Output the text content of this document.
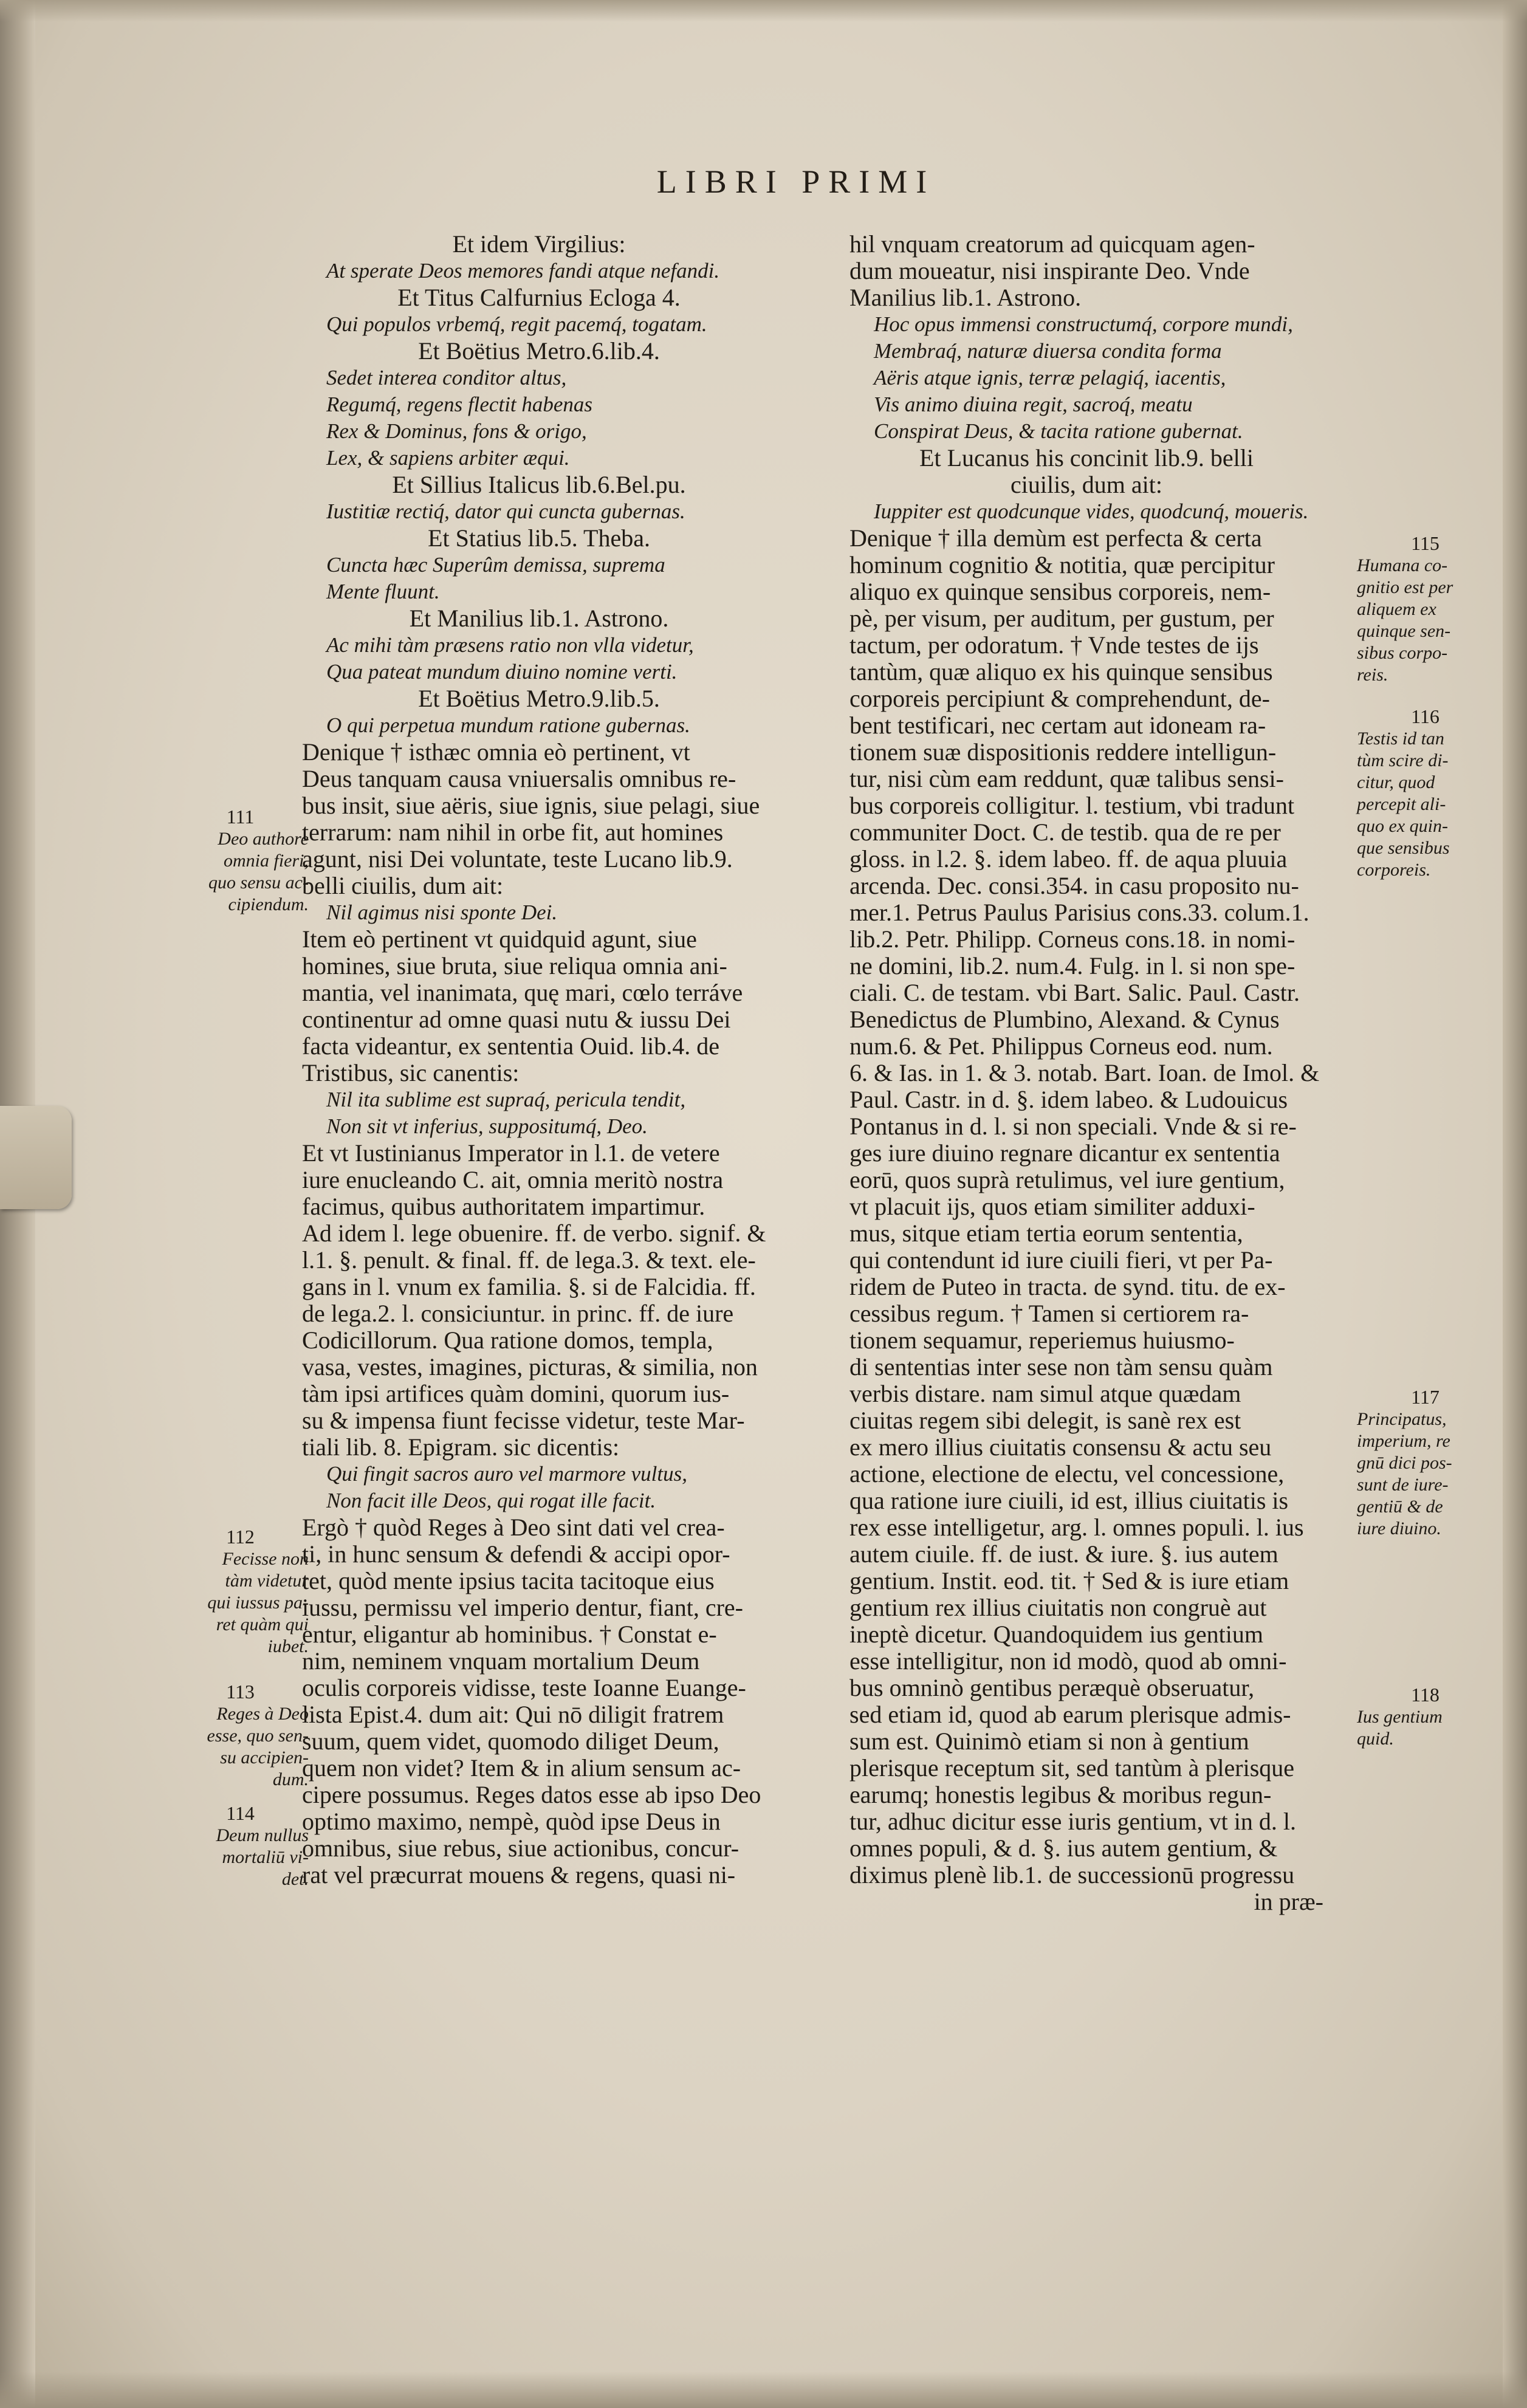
LIBRI PRIMI
Et idem Virgilius:
At sperate Deos memores fandi atque nefandi.
Et Titus Calfurnius Ecloga 4.
Qui populos vrbemq́, regit pacemq́, togatam.
Et Boëtius Metro.6.lib.4.
Sedet interea conditor altus,
Regumq́, regens flectit habenas
Rex & Dominus, fons & origo,
Lex, & sapiens arbiter æqui.
Et Sillius Italicus lib.6.Bel.pu.
Iustitiæ rectiq́, dator qui cuncta gubernas.
Et Statius lib.5. Theba.
Cuncta hæc Superûm demissa, suprema
Mente fluunt.
Et Manilius lib.1. Astrono.
Ac mihi tàm præsens ratio non vlla videtur,
Qua pateat mundum diuino nomine verti.
Et Boëtius Metro.9.lib.5.
O qui perpetua mundum ratione gubernas.
Denique † isthæc omnia eò pertinent, vt
Deus tanquam causa vniuersalis omnibus re-
bus insit, siue aëris, siue ignis, siue pelagi, siue
terrarum: nam nihil in orbe fit, aut homines
agunt, nisi Dei voluntate, teste Lucano lib.9.
belli ciuilis, dum ait:
Nil agimus nisi sponte Dei.
Item eò pertinent vt quidquid agunt, siue
homines, siue bruta, siue reliqua omnia ani-
mantia, vel inanimata, quę mari, cœlo terráve
continentur ad omne quasi nutu & iussu Dei
facta videantur, ex sententia Ouid. lib.4. de
Tristibus, sic canentis:
Nil ita sublime est supraq́, pericula tendit,
Non sit vt inferius, suppositumq́, Deo.
Et vt Iustinianus Imperator in l.1. de vetere
iure enucleando C. ait, omnia meritò nostra
facimus, quibus authoritatem impartimur.
Ad idem l. lege obuenire. ff. de verbo. signif. &
l.1. §. penult. & final. ff. de lega.3. & text. ele-
gans in l. vnum ex familia. §. si de Falcidia. ff.
de lega.2. l. consiciuntur. in princ. ff. de iure
Codicillorum. Qua ratione domos, templa,
vasa, vestes, imagines, picturas, & similia, non
tàm ipsi artifices quàm domini, quorum ius-
su & impensa fiunt fecisse videtur, teste Mar-
tiali lib. 8. Epigram. sic dicentis:
Qui fingit sacros auro vel marmore vultus,
Non facit ille Deos, qui rogat ille facit.
Ergò † quòd Reges à Deo sint dati vel crea-
ti, in hunc sensum & defendi & accipi opor-
tet, quòd mente ipsius tacita tacitoque eius
iussu, permissu vel imperio dentur, fiant, cre-
entur, eligantur ab hominibus. † Constat e-
nim, neminem vnquam mortalium Deum
oculis corporeis vidisse, teste Ioanne Euange-
lista Epist.4. dum ait: Qui nō diligit fratrem
suum, quem videt, quomodo diliget Deum,
quem non videt? Item & in alium sensum ac-
cipere possumus. Reges datos esse ab ipso Deo
optimo maximo, nempè, quòd ipse Deus in
omnibus, siue rebus, siue actionibus, concur-
rat vel præcurrat mouens & regens, quasi ni-
hil vnquam creatorum ad quicquam agen-
dum moueatur, nisi inspirante Deo. Vnde
Manilius lib.1. Astrono.
Hoc opus immensi constructumq́, corpore mundi,
Membraq́, naturæ diuersa condita forma
Aëris atque ignis, terræ pelagiq́, iacentis,
Vis animo diuina regit, sacroq́, meatu
Conspirat Deus, & tacita ratione gubernat.
Et Lucanus his concinit lib.9. belli
ciuilis, dum ait:
Iuppiter est quodcunque vides, quodcunq́, moueris.
Denique † illa demùm est perfecta & certa
hominum cognitio & notitia, quæ percipitur
aliquo ex quinque sensibus corporeis, nem-
pè, per visum, per auditum, per gustum, per
tactum, per odoratum. † Vnde testes de ijs
tantùm, quæ aliquo ex his quinque sensibus
corporeis percipiunt & comprehendunt, de-
bent testificari, nec certam aut idoneam ra-
tionem suæ dispositionis reddere intelligun-
tur, nisi cùm eam reddunt, quæ talibus sensi-
bus corporeis colligitur. l. testium, vbi tradunt
communiter Doct. C. de testib. qua de re per
gloss. in l.2. §. idem labeo. ff. de aqua pluuia
arcenda. Dec. consi.354. in casu proposito nu-
mer.1. Petrus Paulus Parisius cons.33. colum.1.
lib.2. Petr. Philipp. Corneus cons.18. in nomi-
ne domini, lib.2. num.4. Fulg. in l. si non spe-
ciali. C. de testam. vbi Bart. Salic. Paul. Castr.
Benedictus de Plumbino, Alexand. & Cynus
num.6. & Pet. Philippus Corneus eod. num.
6. & Ias. in 1. & 3. notab. Bart. Ioan. de Imol. &
Paul. Castr. in d. §. idem labeo. & Ludouicus
Pontanus in d. l. si non speciali. Vnde & si re-
ges iure diuino regnare dicantur ex sententia
eorū, quos suprà retulimus, vel iure gentium,
vt placuit ijs, quos etiam similiter adduxi-
mus, sitque etiam tertia eorum sententia,
qui contendunt id iure ciuili fieri, vt per Pa-
ridem de Puteo in tracta. de synd. titu. de ex-
cessibus regum. † Tamen si certiorem ra-
tionem sequamur, reperiemus huiusmo-
di sententias inter sese non tàm sensu quàm
verbis distare. nam simul atque quædam
ciuitas regem sibi delegit, is sanè rex est
ex mero illius ciuitatis consensu & actu seu
actione, electione de electu, vel concessione,
qua ratione iure ciuili, id est, illius ciuitatis is
rex esse intelligetur, arg. l. omnes populi. l. ius
autem ciuile. ff. de iust. & iure. §. ius autem
gentium. Instit. eod. tit. † Sed & is iure etiam
gentium rex illius ciuitatis non congruè aut
ineptè dicetur. Quandoquidem ius gentium
esse intelligitur, non id modò, quod ab omni-
bus omninò gentibus peræquè obseruatur,
sed etiam id, quod ab earum plerisque admis-
sum est. Quinimò etiam si non à gentium
plerisque receptum sit, sed tantùm à plerisque
earumq; honestis legibus & moribus regun-
tur, adhuc dicitur esse iuris gentium, vt in d. l.
omnes populi, & d. §. ius autem gentium, &
diximus plenè lib.1. de successionū progressu
in præ-
111
Deo authore
omnia fieri,
quo sensu ac-
cipiendum.
112
Fecisse non
tàm videtur
qui iussus pa-
ret quàm qui
iubet.
113
Reges à Deo
esse, quo sen-
su accipien-
dum.
114
Deum nullus
mortaliū vi-
det.
115
Humana co-
gnitio est per
aliquem ex
quinque sen-
sibus corpo-
reis.
116
Testis id tan
tùm scire di-
citur, quod
percepit ali-
quo ex quin-
que sensibus
corporeis.
117
Principatus,
imperium, re
gnū dici pos-
sunt de iure-
gentiū & de
iure diuino.
118
Ius gentium
quid.
